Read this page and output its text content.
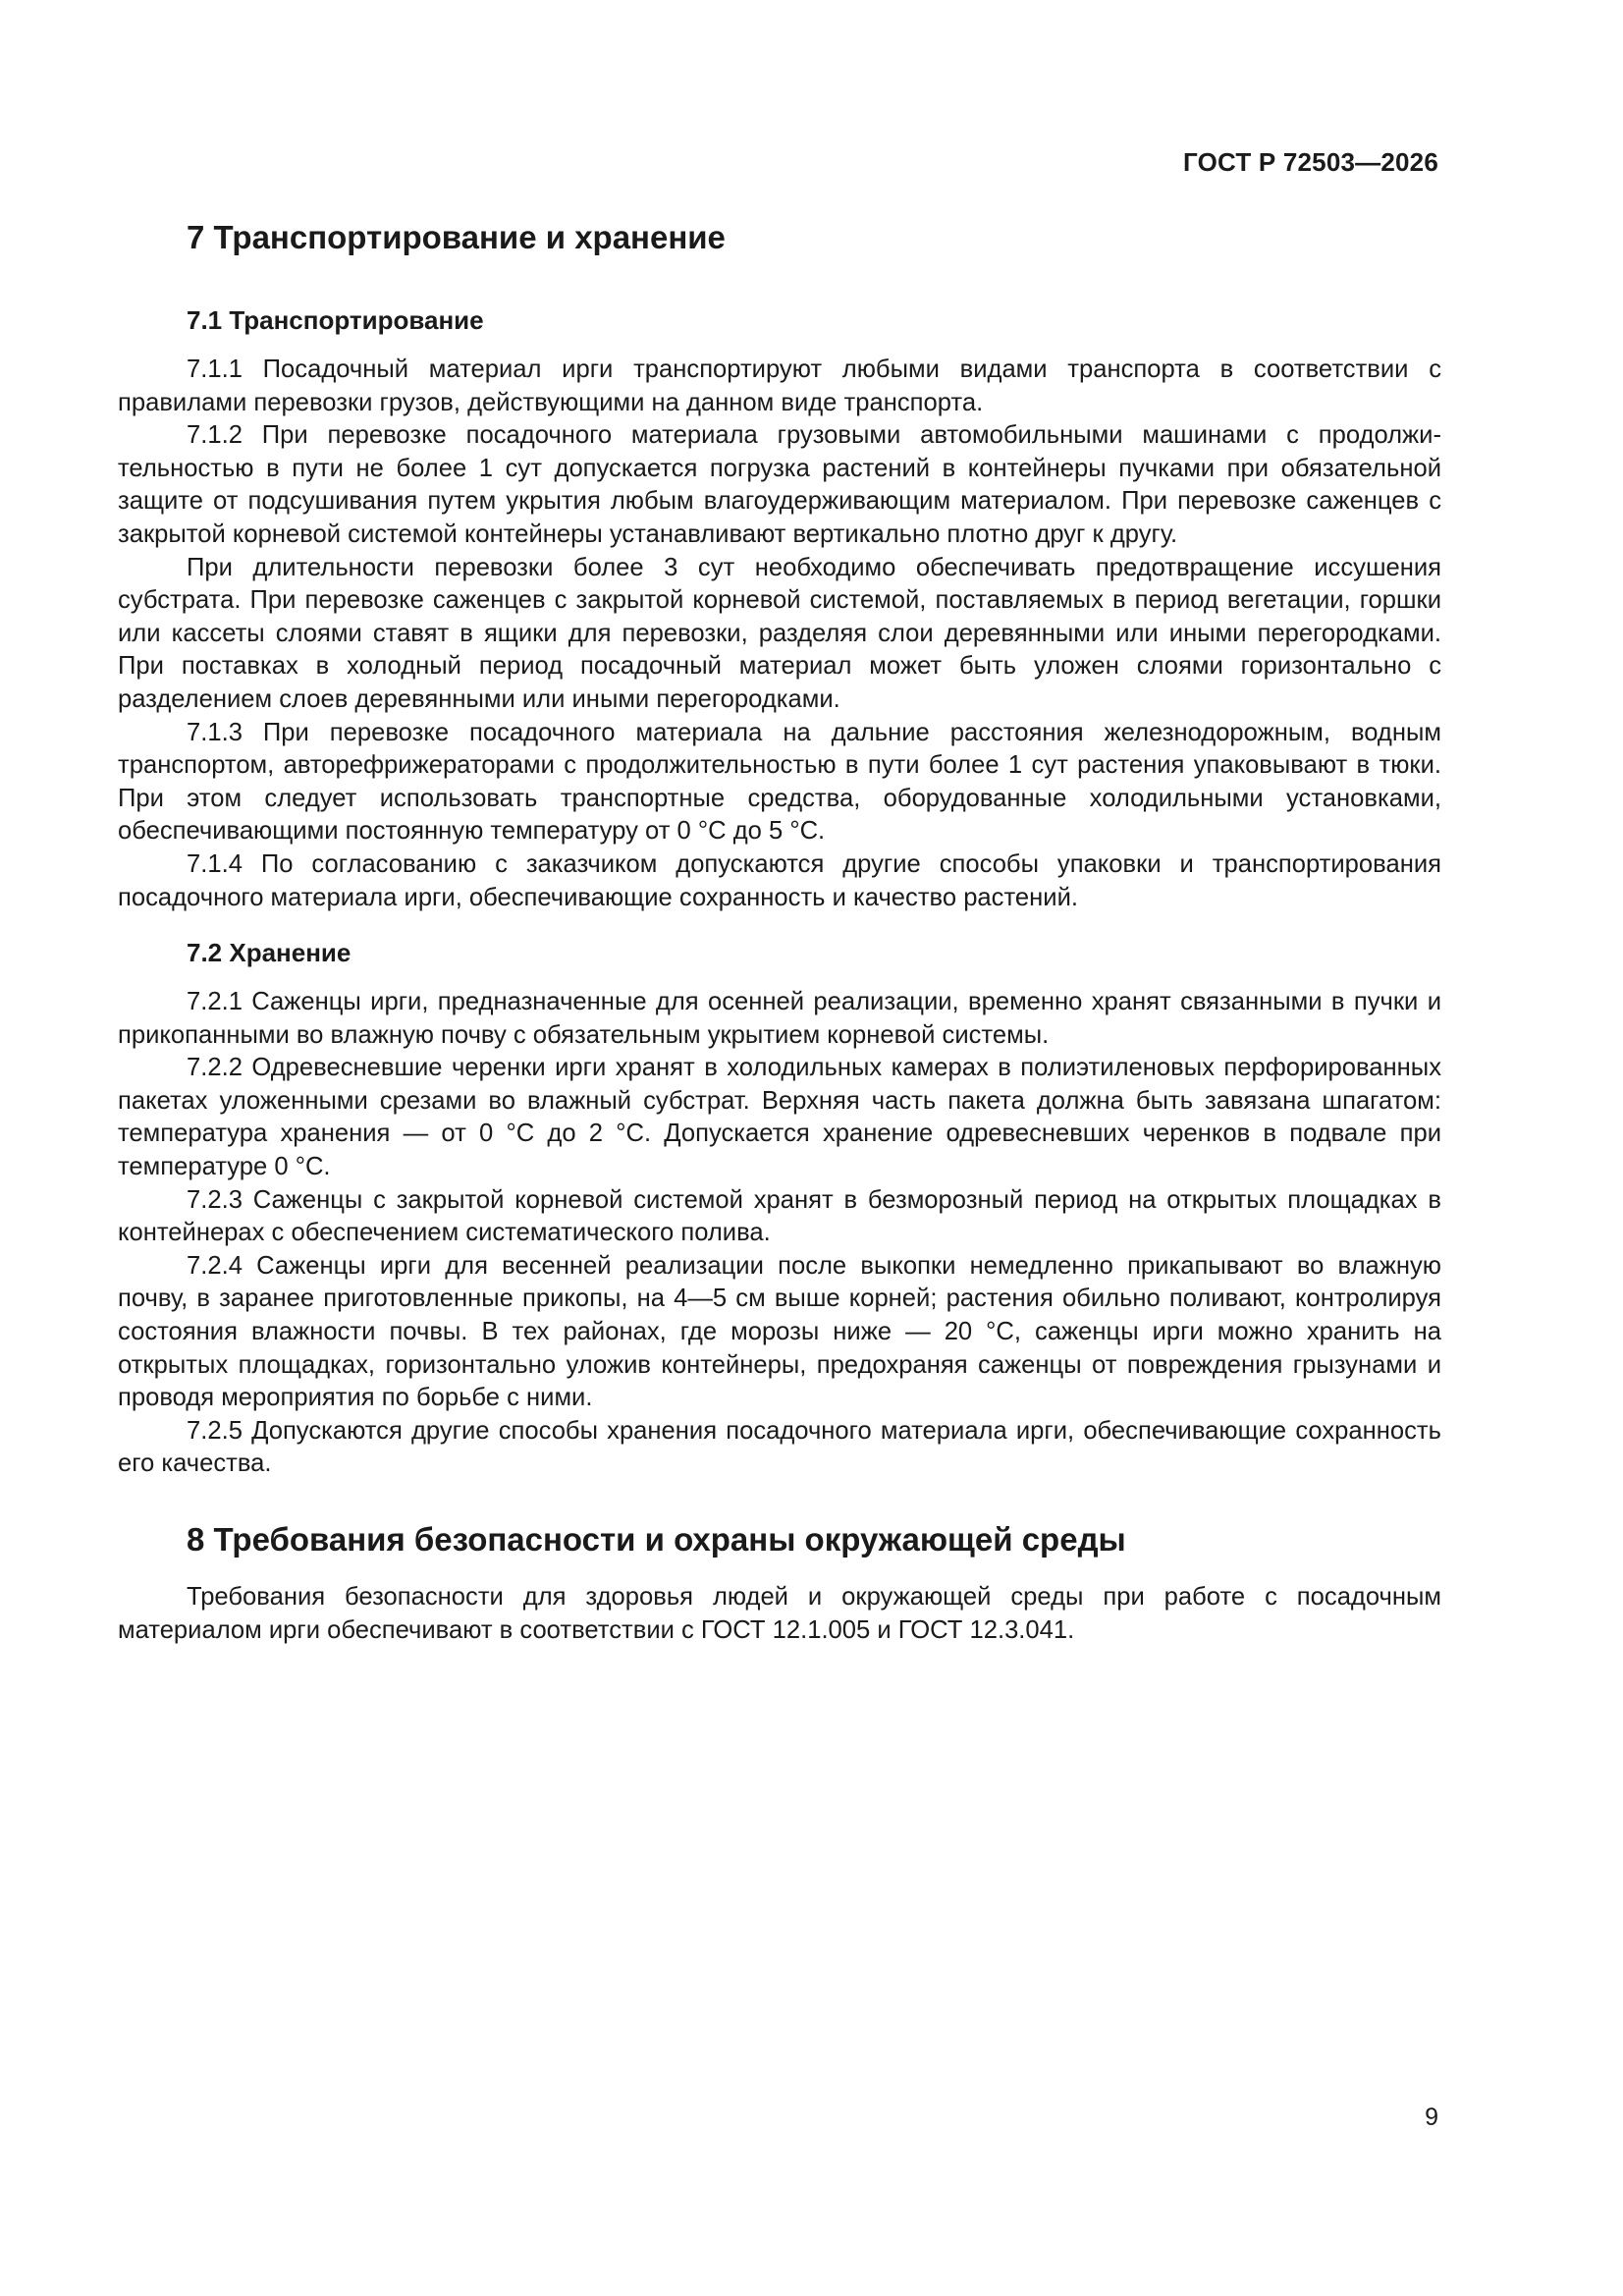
ГОСТ Р 72503—2026
7 Транспортирование и хранение
7.1 Транспортирование

7.1.1 Посадочный материал ирги транспортируют любыми видами транспорта в соответствии с правилами перевозки грузов, действующими на данном виде транспорта.

7.1.2 При перевозке посадочного материала грузовыми автомобильными машинами с продолжительностью в пути не более 1 сут допускается погрузка растений в контейнеры пучками при обязательной защите от подсушивания путем укрытия любым влагоудерживающим материалом. При перевозке саженцев с закрытой корневой системой контейнеры устанавливают вертикально плотно друг к другу.

При длительности перевозки более 3 сут необходимо обеспечивать предотвращение иссушения субстрата. При перевозке саженцев с закрытой корневой системой, поставляемых в период вегетации, горшки или кассеты слоями ставят в ящики для перевозки, разделяя слои деревянными или иными перегородками. При поставках в холодный период посадочный материал может быть уложен слоями горизонтально с разделением слоев деревянными или иными перегородками.

7.1.3 При перевозке посадочного материала на дальние расстояния железнодорожным, водным транспортом, авторефрижераторами с продолжительностью в пути более 1 сут растения упаковывают в тюки. При этом следует использовать транспортные средства, оборудованные холодильными установками, обеспечивающими постоянную температуру от 0 °С до 5 °С.

7.1.4 По согласованию с заказчиком допускаются другие способы упаковки и транспортирования посадочного материала ирги, обеспечивающие сохранность и качество растений.

7.2 Хранение

7.2.1 Саженцы ирги, предназначенные для осенней реализации, временно хранят связанными в пучки и прикопанными во влажную почву с обязательным укрытием корневой системы.

7.2.2 Одревесневшие черенки ирги хранят в холодильных камерах в полиэтиленовых перфорированных пакетах уложенными срезами во влажный субстрат. Верхняя часть пакета должна быть завязана шпагатом: температура хранения — от 0 °С до 2 °С. Допускается хранение одревесневших черенков в подвале при температуре 0 °С.

7.2.3 Саженцы с закрытой корневой системой хранят в безморозный период на открытых площадках в контейнерах с обеспечением систематического полива.

7.2.4 Саженцы ирги для весенней реализации после выкопки немедленно прикапывают во влажную почву, в заранее приготовленные прикопы, на 4—5 см выше корней; растения обильно поливают, контролируя состояния влажности почвы. В тех районах, где морозы ниже — 20 °С, саженцы ирги можно хранить на открытых площадках, горизонтально уложив контейнеры, предохраняя саженцы от повреждения грызунами и проводя мероприятия по борьбе с ними.

7.2.5 Допускаются другие способы хранения посадочного материала ирги, обеспечивающие сохранность его качества.

8 Требования безопасности и охраны окружающей среды

Требования безопасности для здоровья людей и окружающей среды при работе с посадочным материалом ирги обеспечивают в соответствии с ГОСТ 12.1.005 и ГОСТ 12.3.041.

9
